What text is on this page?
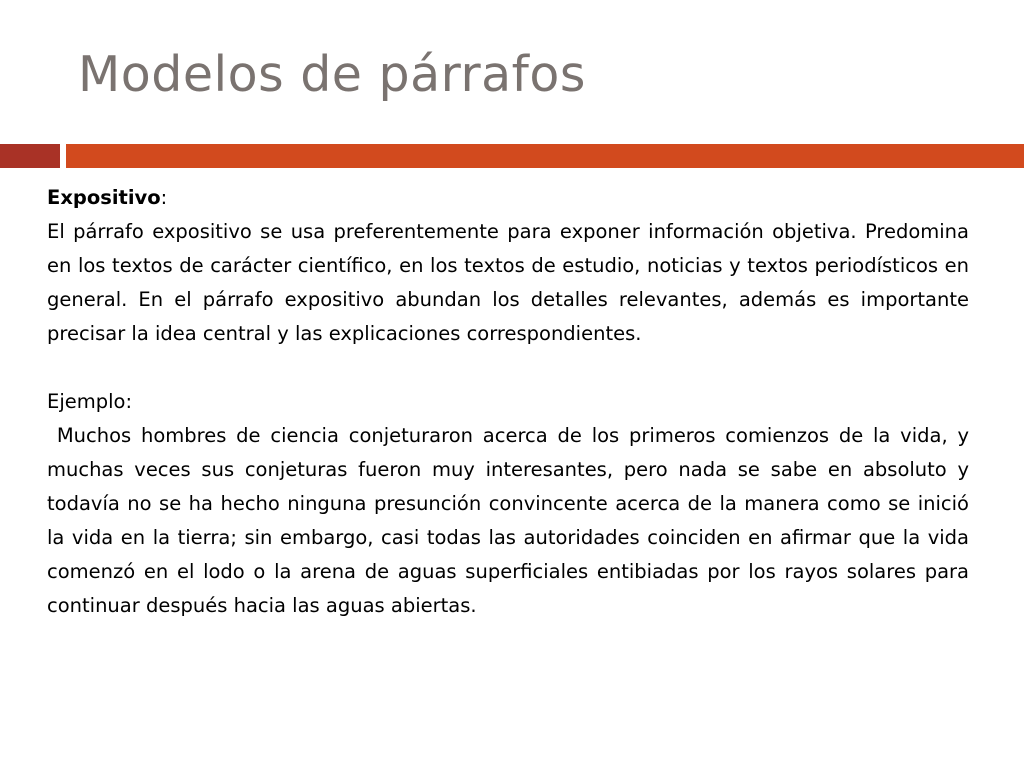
Modelos de párrafos

Expositivo:

El párrafo expositivo se usa preferentemente para exponer información objetiva. Predomina en los textos de carácter científico, en los textos de estudio, noticias y textos periodísticos en general. En el párrafo expositivo abundan los detalles relevantes, además es importante precisar la idea central y las explicaciones correspondientes.

Ejemplo:

Muchos hombres de ciencia conjeturaron acerca de los primeros comienzos de la vida, y muchas veces sus conjeturas fueron muy interesantes, pero nada se sabe en absoluto y todavía no se ha hecho ninguna presunción convincente acerca de la manera como se inició la vida en la tierra; sin embargo, casi todas las autoridades coinciden en afirmar que la vida comenzó en el lodo o la arena de aguas superficiales entibiadas por los rayos solares para continuar después hacia las aguas abiertas.
